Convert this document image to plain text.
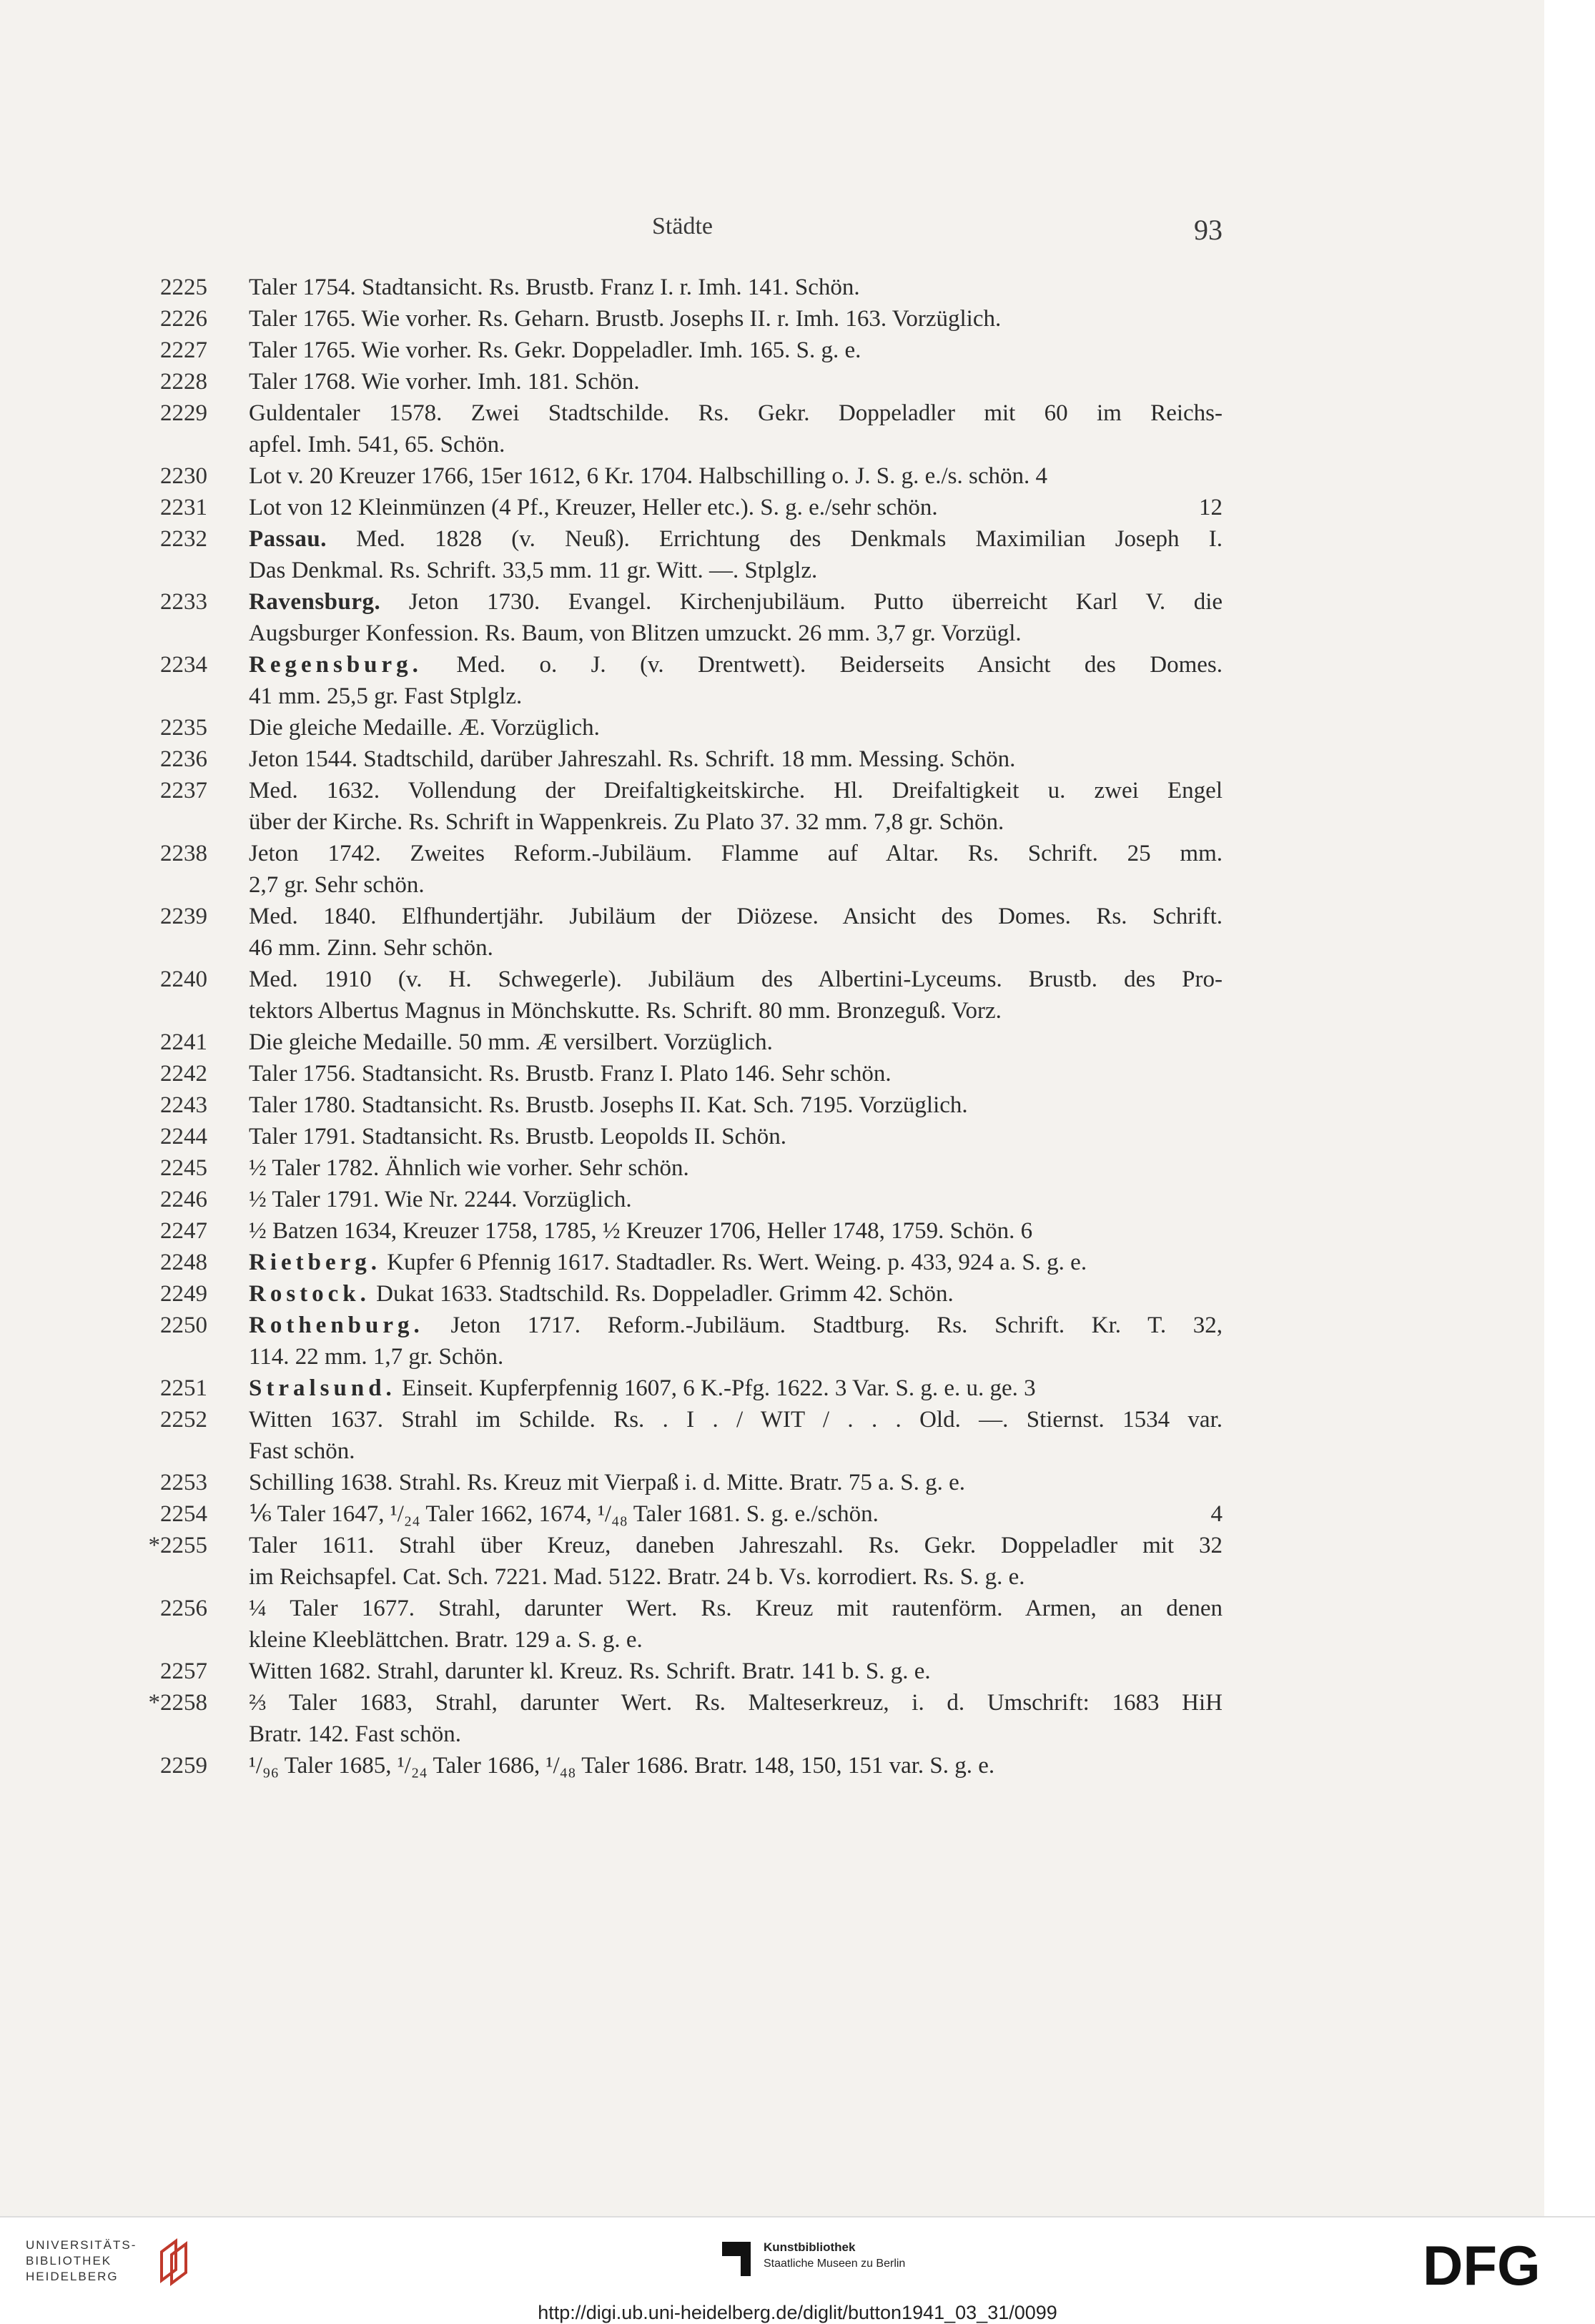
Städte	93
2225	Taler 1754. Stadtansicht. Rs. Brustb. Franz I. r. Imh. 141. Schön.
2226	Taler 1765. Wie vorher. Rs. Geharn. Brustb. Josephs II. r. Imh. 163. Vorzüglich.
2227	Taler 1765. Wie vorher. Rs. Gekr. Doppeladler. Imh. 165. S. g. e.
2228	Taler 1768. Wie vorher. Imh. 181. Schön.
2229	Guldentaler 1578. Zwei Stadtschilde. Rs. Gekr. Doppeladler mit 60 im Reichs-
apfel. Imh. 541, 65. Schön.
2230	Lot v. 20 Kreuzer 1766, 15er 1612, 6 Kr. 1704. Halbschilling o. J. S. g. e./s. schön. 4
2231	Lot von 12 Kleinmünzen (4 Pf., Kreuzer, Heller etc.). S. g. e./sehr schön.	12
2232	Passau. Med. 1828 (v. Neuß). Errichtung des Denkmals Maximilian Joseph I.
Das Denkmal. Rs. Schrift. 33,5 mm. 11 gr. Witt. —. Stplglz.
2233	Ravensburg. Jeton 1730. Evangel. Kirchenjubiläum. Putto überreicht Karl V. die
Augsburger Konfession. Rs. Baum, von Blitzen umzuckt. 26 mm. 3,7 gr. Vorzügl.
2234	Regensburg. Med. o. J. (v. Drentwett). Beiderseits Ansicht des Domes.
41 mm. 25,5 gr. Fast Stplglz.
2235	Die gleiche Medaille. Æ. Vorzüglich.
2236	Jeton 1544. Stadtschild, darüber Jahreszahl. Rs. Schrift. 18 mm. Messing. Schön.
2237	Med. 1632. Vollendung der Dreifaltigkeitskirche. Hl. Dreifaltigkeit u. zwei Engel
über der Kirche. Rs. Schrift in Wappenkreis. Zu Plato 37. 32 mm. 7,8 gr. Schön.
2238	Jeton 1742. Zweites Reform.-Jubiläum. Flamme auf Altar. Rs. Schrift. 25 mm.
2,7 gr. Sehr schön.
2239	Med. 1840. Elfhundertjähr. Jubiläum der Diözese. Ansicht des Domes. Rs. Schrift.
46 mm. Zinn. Sehr schön.
2240	Med. 1910 (v. H. Schwegerle). Jubiläum des Albertini-Lyceums. Brustb. des Pro-
tektors Albertus Magnus in Mönchskutte. Rs. Schrift. 80 mm. Bronzeguß. Vorz.
2241	Die gleiche Medaille. 50 mm. Æ versilbert. Vorzüglich.
2242	Taler 1756. Stadtansicht. Rs. Brustb. Franz I. Plato 146. Sehr schön.
2243	Taler 1780. Stadtansicht. Rs. Brustb. Josephs II. Kat. Sch. 7195. Vorzüglich.
2244	Taler 1791. Stadtansicht. Rs. Brustb. Leopolds II. Schön.
2245	½ Taler 1782. Ähnlich wie vorher. Sehr schön.
2246	½ Taler 1791. Wie Nr. 2244. Vorzüglich.
2247	½ Batzen 1634, Kreuzer 1758, 1785, ½ Kreuzer 1706, Heller 1748, 1759. Schön. 6
2248	Rietberg. Kupfer 6 Pfennig 1617. Stadtadler. Rs. Wert. Weing. p. 433, 924 a. S. g. e.
2249	Rostock. Dukat 1633. Stadtschild. Rs. Doppeladler. Grimm 42. Schön.
2250	Rothenburg. Jeton 1717. Reform.-Jubiläum. Stadtburg. Rs. Schrift. Kr. T. 32,
114. 22 mm. 1,7 gr. Schön.
2251	Stralsund. Einseit. Kupferpfennig 1607, 6 K.-Pfg. 1622. 3 Var. S. g. e. u. ge. 3
2252	Witten 1637. Strahl im Schilde. Rs. . I . / WIT / . . . Old. —. Stiernst. 1534 var.
Fast schön.
2253	Schilling 1638. Strahl. Rs. Kreuz mit Vierpaß i. d. Mitte. Bratr. 75 a. S. g. e.
2254	⅙ Taler 1647, ¹/₂₄ Taler 1662, 1674, ¹/₄₈ Taler 1681. S. g. e./schön.	4
*2255	Taler 1611. Strahl über Kreuz, daneben Jahreszahl. Rs. Gekr. Doppeladler mit 32
im Reichsapfel. Cat. Sch. 7221. Mad. 5122. Bratr. 24 b. Vs. korrodiert. Rs. S. g. e.
2256	¼ Taler 1677. Strahl, darunter Wert. Rs. Kreuz mit rautenförm. Armen, an denen
kleine Kleeblättchen. Bratr. 129 a. S. g. e.
2257	Witten 1682. Strahl, darunter kl. Kreuz. Rs. Schrift. Bratr. 141 b. S. g. e.
*2258	⅔ Taler 1683, Strahl, darunter Wert. Rs. Malteserkreuz, i. d. Umschrift: 1683 HiH
Bratr. 142. Fast schön.
2259	¹/₉₆ Taler 1685, ¹/₂₄ Taler 1686, ¹/₄₈ Taler 1686. Bratr. 148, 150, 151 var. S. g. e.
UNIVERSITÄTS-
BIBLIOTHEK
HEIDELBERG
Kunstbibliothek
Staatliche Museen zu Berlin	DFG
http://digi.ub.uni-heidelberg.de/diglit/button1941_03_31/0099
